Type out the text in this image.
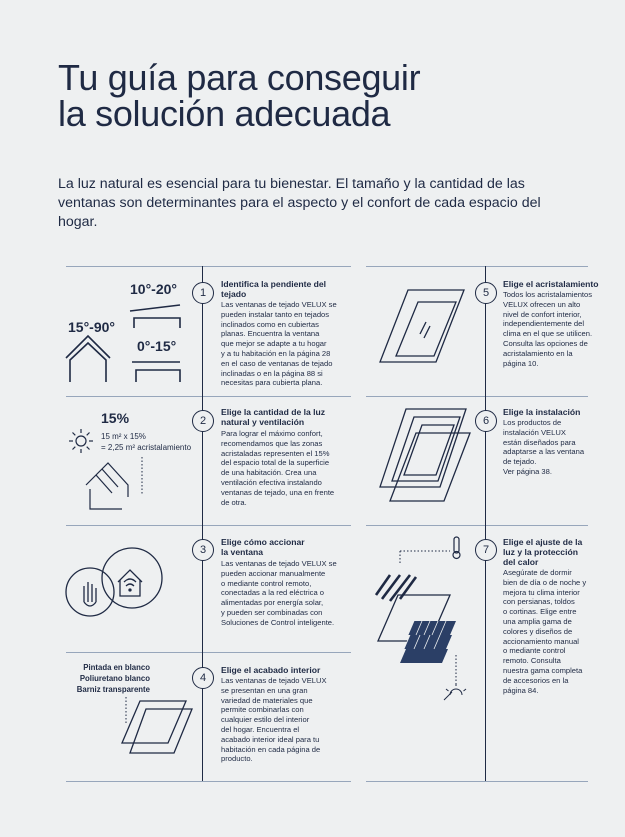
Tu guía para conseguir
la solución adecuada

La luz natural es esencial para tu bienestar. El tamaño y la cantidad de las ventanas son determinantes para el aspecto y el confort de cada espacio del hogar.

1
2
3
4
5
6
7
Identifica la pendiente del
tejado
Las ventanas de tejado VELUX se
pueden instalar tanto en tejados
inclinados como en cubiertas
planas. Encuentra la ventana
que mejor se adapte a tu hogar
y a tu habitación en la página 28
en el caso de ventanas de tejado
inclinadas o en la página 88 si
necesitas para cubierta plana.
Elige la cantidad de la luz
natural y ventilación
Para lograr el máximo confort,
recomendamos que las zonas
acristaladas representen el 15%
del espacio total de la superficie
de una habitación. Crea una
ventilación efectiva instalando
ventanas de tejado, una en frente
de otra.
Elige cómo accionar
la ventana
Las ventanas de tejado VELUX se
pueden accionar manualmente
o mediante control remoto,
conectadas a la red eléctrica o
alimentadas por energía solar,
y pueden ser combinadas con
Soluciones de Control inteligente.
Elige el acabado interior
Las ventanas de tejado VELUX
se presentan en una gran
variedad de materiales que
permite combinarlas con
cualquier estilo del interior
del hogar. Encuentra el
acabado interior ideal para tu
habitación en cada página de
producto.
Elige el acristalamiento
Todos los acristalamientos
VELUX ofrecen un alto
nivel de confort interior,
independientemente del
clima en el que se utilicen.
Consulta las opciones de
acristalamiento en la
página 10.
Elige la instalación
Los productos de
instalación VELUX
están diseñados para
adaptarse a las ventana
de tejado.
Ver página 38.
Elige el ajuste de la
luz y la protección
del calor
Asegúrate de dormir
bien de día o de noche y
mejora tu clima interior
con persianas, toldos
o cortinas. Elige entre
una amplia gama de
colores y diseños de
accionamiento manual
o mediante control
remoto. Consulta
nuestra gama completa
de accesorios en la
página 84.
10°-20°
15°-90°
0°-15°
15%
15 m² x 15%
= 2,25 m² acristalamiento
Pintada en blanco
Poliuretano blanco
Barniz transparente
